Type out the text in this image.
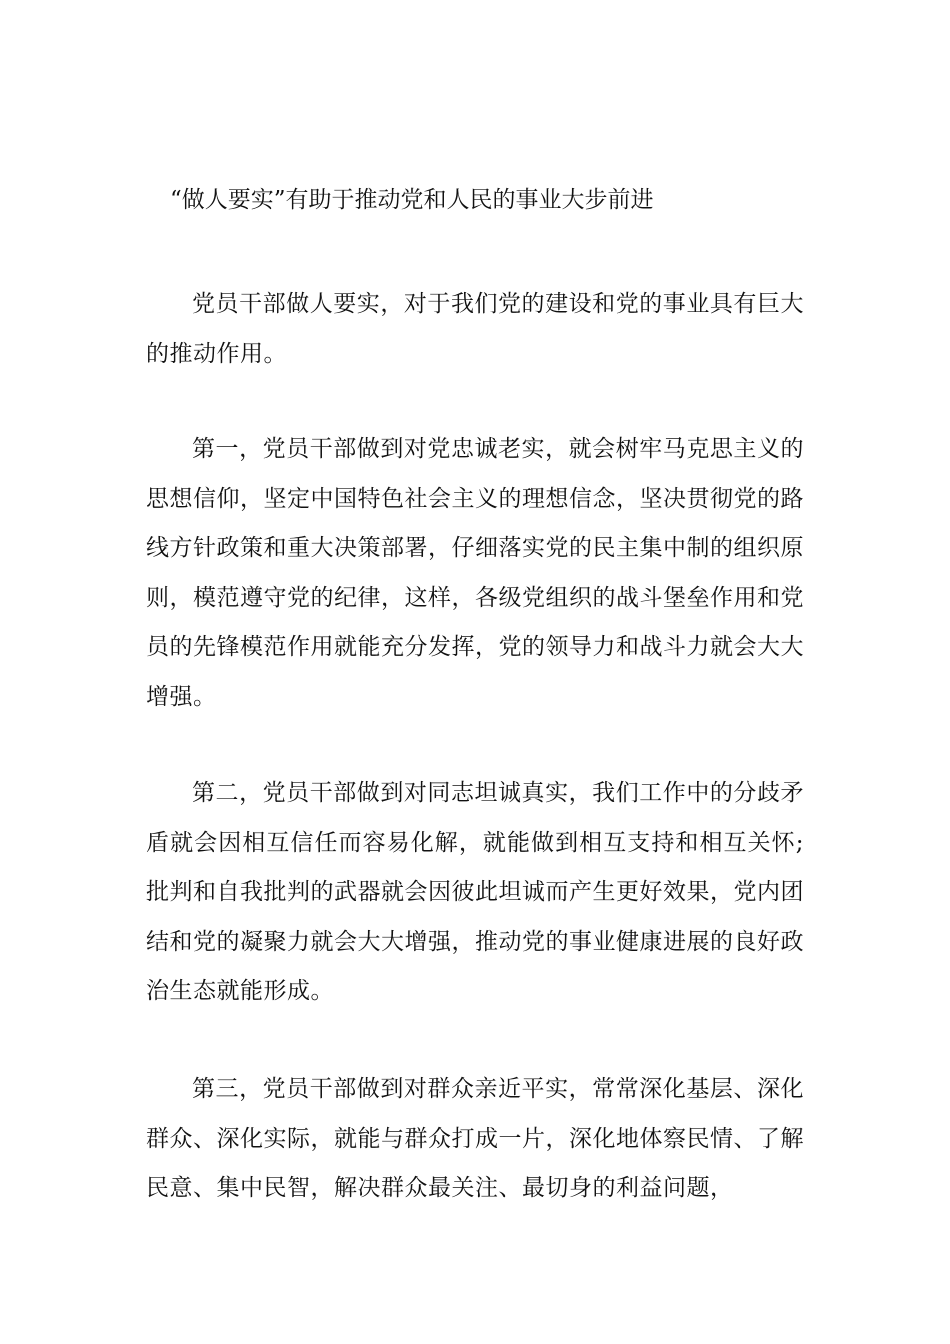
“做人要实”有助于推动党和人民的事业大步前进

党员干部做人要实，对于我们党的建设和党的事业具有巨大的推动作用。

第一，党员干部做到对党忠诚老实，就会树牢马克思主义的思想信仰，坚定中国特色社会主义的理想信念，坚决贯彻党的路线方针政策和重大决策部署，仔细落实党的民主集中制的组织原则，模范遵守党的纪律，这样，各级党组织的战斗堡垒作用和党员的先锋模范作用就能充分发挥，党的领导力和战斗力就会大大增强。

第二，党员干部做到对同志坦诚真实，我们工作中的分歧矛盾就会因相互信任而容易化解，就能做到相互支持和相互关怀;批判和自我批判的武器就会因彼此坦诚而产生更好效果，党内团结和党的凝聚力就会大大增强，推动党的事业健康进展的良好政治生态就能形成。

第三，党员干部做到对群众亲近平实，常常深化基层、深化群众、深化实际，就能与群众打成一片，深化地体察民情、了解民意、集中民智，解决群众最关注、最切身的利益问题，
